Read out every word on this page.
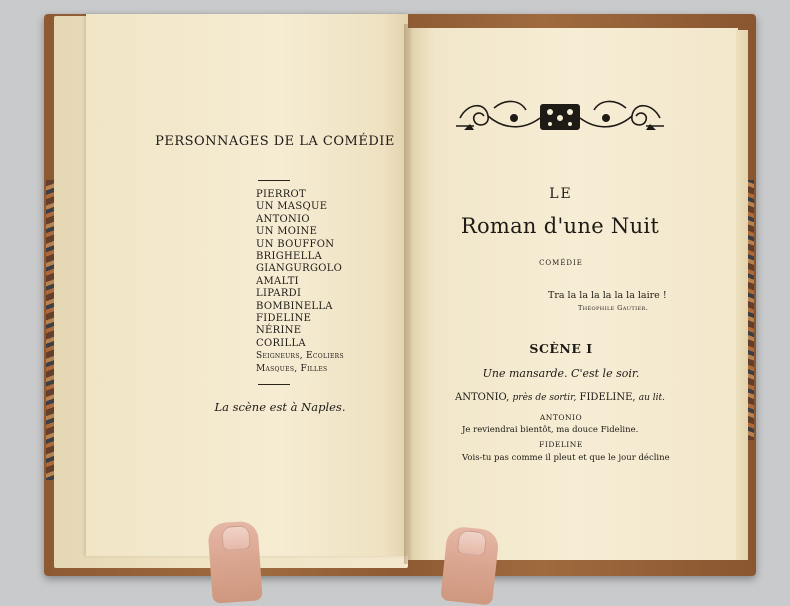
PERSONNAGES DE LA COMÉDIE
PIERROT
UN MASQUE
ANTONIO
UN MOINE
UN BOUFFON
BRIGHELLA
GIANGURGOLO
AMALTI
LIPARDI
BOMBINELLA
FIDELINE
NÉRINE
CORILLA
Seigneurs, Ecoliers
Masques, Filles
La scène est à Naples.
LE
Roman d'une Nuit
COMÉDIE
Tra la la la la la la laire !
Théophile Gautier.
SCÈNE I
Une mansarde. C'est le soir.
ANTONIO, près de sortir, FIDELINE, au lit.
ANTONIO
Je reviendrai bientôt, ma douce Fideline.
FIDELINE
Vois-tu pas comme il pleut et que le jour décline
